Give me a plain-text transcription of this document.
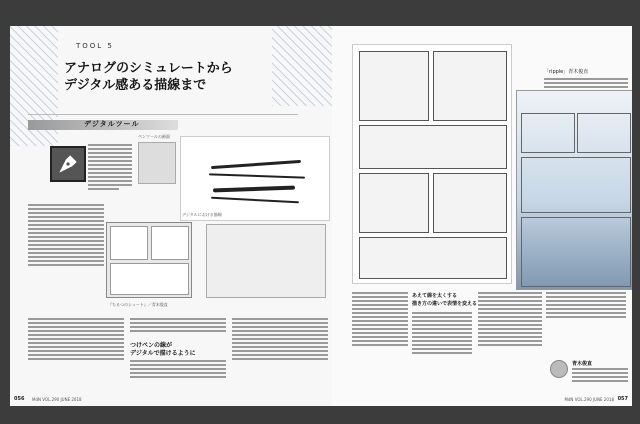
TOOL 5
アナログのシミュレートから
デジタル感ある描線まで
デジタルツール
ペンツールの画面
デジタルにおける描線
『ちるつのシュート』／青木俊直
つけペンの線が
デジタルで描けるように
056 MdN VOL.290 JUNE 2018
「ripple」青木俊直
あえて線を太くする
描き方の違いで表情を変える
青木俊直
MdN VOL.290 JUNE 2018 057
